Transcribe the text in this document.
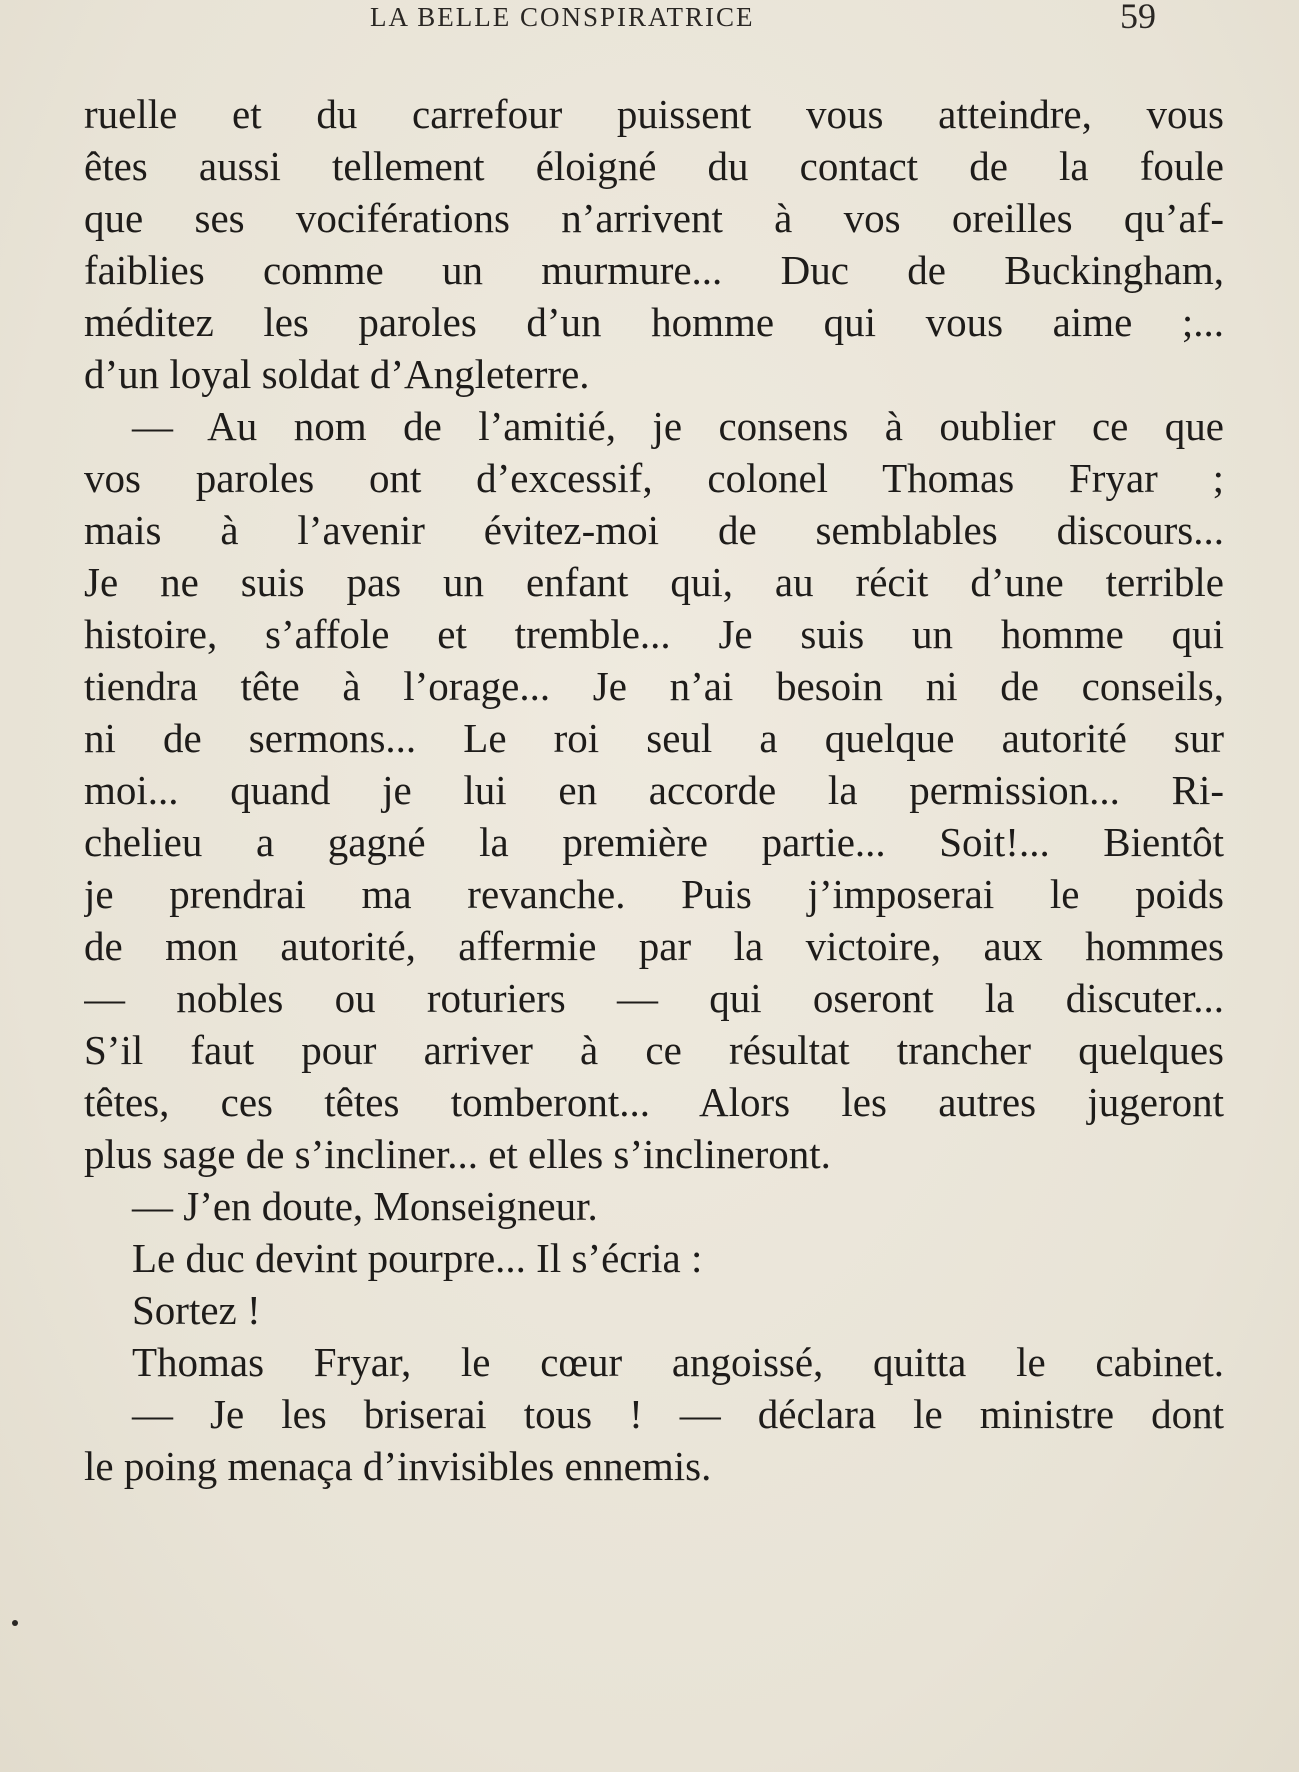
LA BELLE CONSPIRATRICE	59
ruelle et du carrefour puissent vous atteindre, vous
êtes aussi tellement éloigné du contact de la foule
que ses vociférations n’arrivent à vos oreilles qu’af-
faiblies comme un murmure... Duc de Buckingham,
méditez les paroles d’un homme qui vous aime ;...
d’un loyal soldat d’Angleterre.
— Au nom de l’amitié, je consens à oublier ce que
vos paroles ont d’excessif, colonel Thomas Fryar ;
mais à l’avenir évitez-moi de semblables discours...
Je ne suis pas un enfant qui, au récit d’une terrible
histoire, s’affole et tremble... Je suis un homme qui
tiendra tête à l’orage... Je n’ai besoin ni de conseils,
ni de sermons... Le roi seul a quelque autorité sur
moi... quand je lui en accorde la permission... Ri-
chelieu a gagné la première partie... Soit!... Bientôt
je prendrai ma revanche. Puis j’imposerai le poids
de mon autorité, affermie par la victoire, aux hommes
— nobles ou roturiers — qui oseront la discuter...
S’il faut pour arriver à ce résultat trancher quelques
têtes, ces têtes tomberont... Alors les autres jugeront
plus sage de s’incliner... et elles s’inclineront.
— J’en doute, Monseigneur.
Le duc devint pourpre... Il s’écria :
Sortez !
Thomas Fryar, le cœur angoissé, quitta le cabinet.
— Je les briserai tous ! — déclara le ministre dont
le poing menaça d’invisibles ennemis.
